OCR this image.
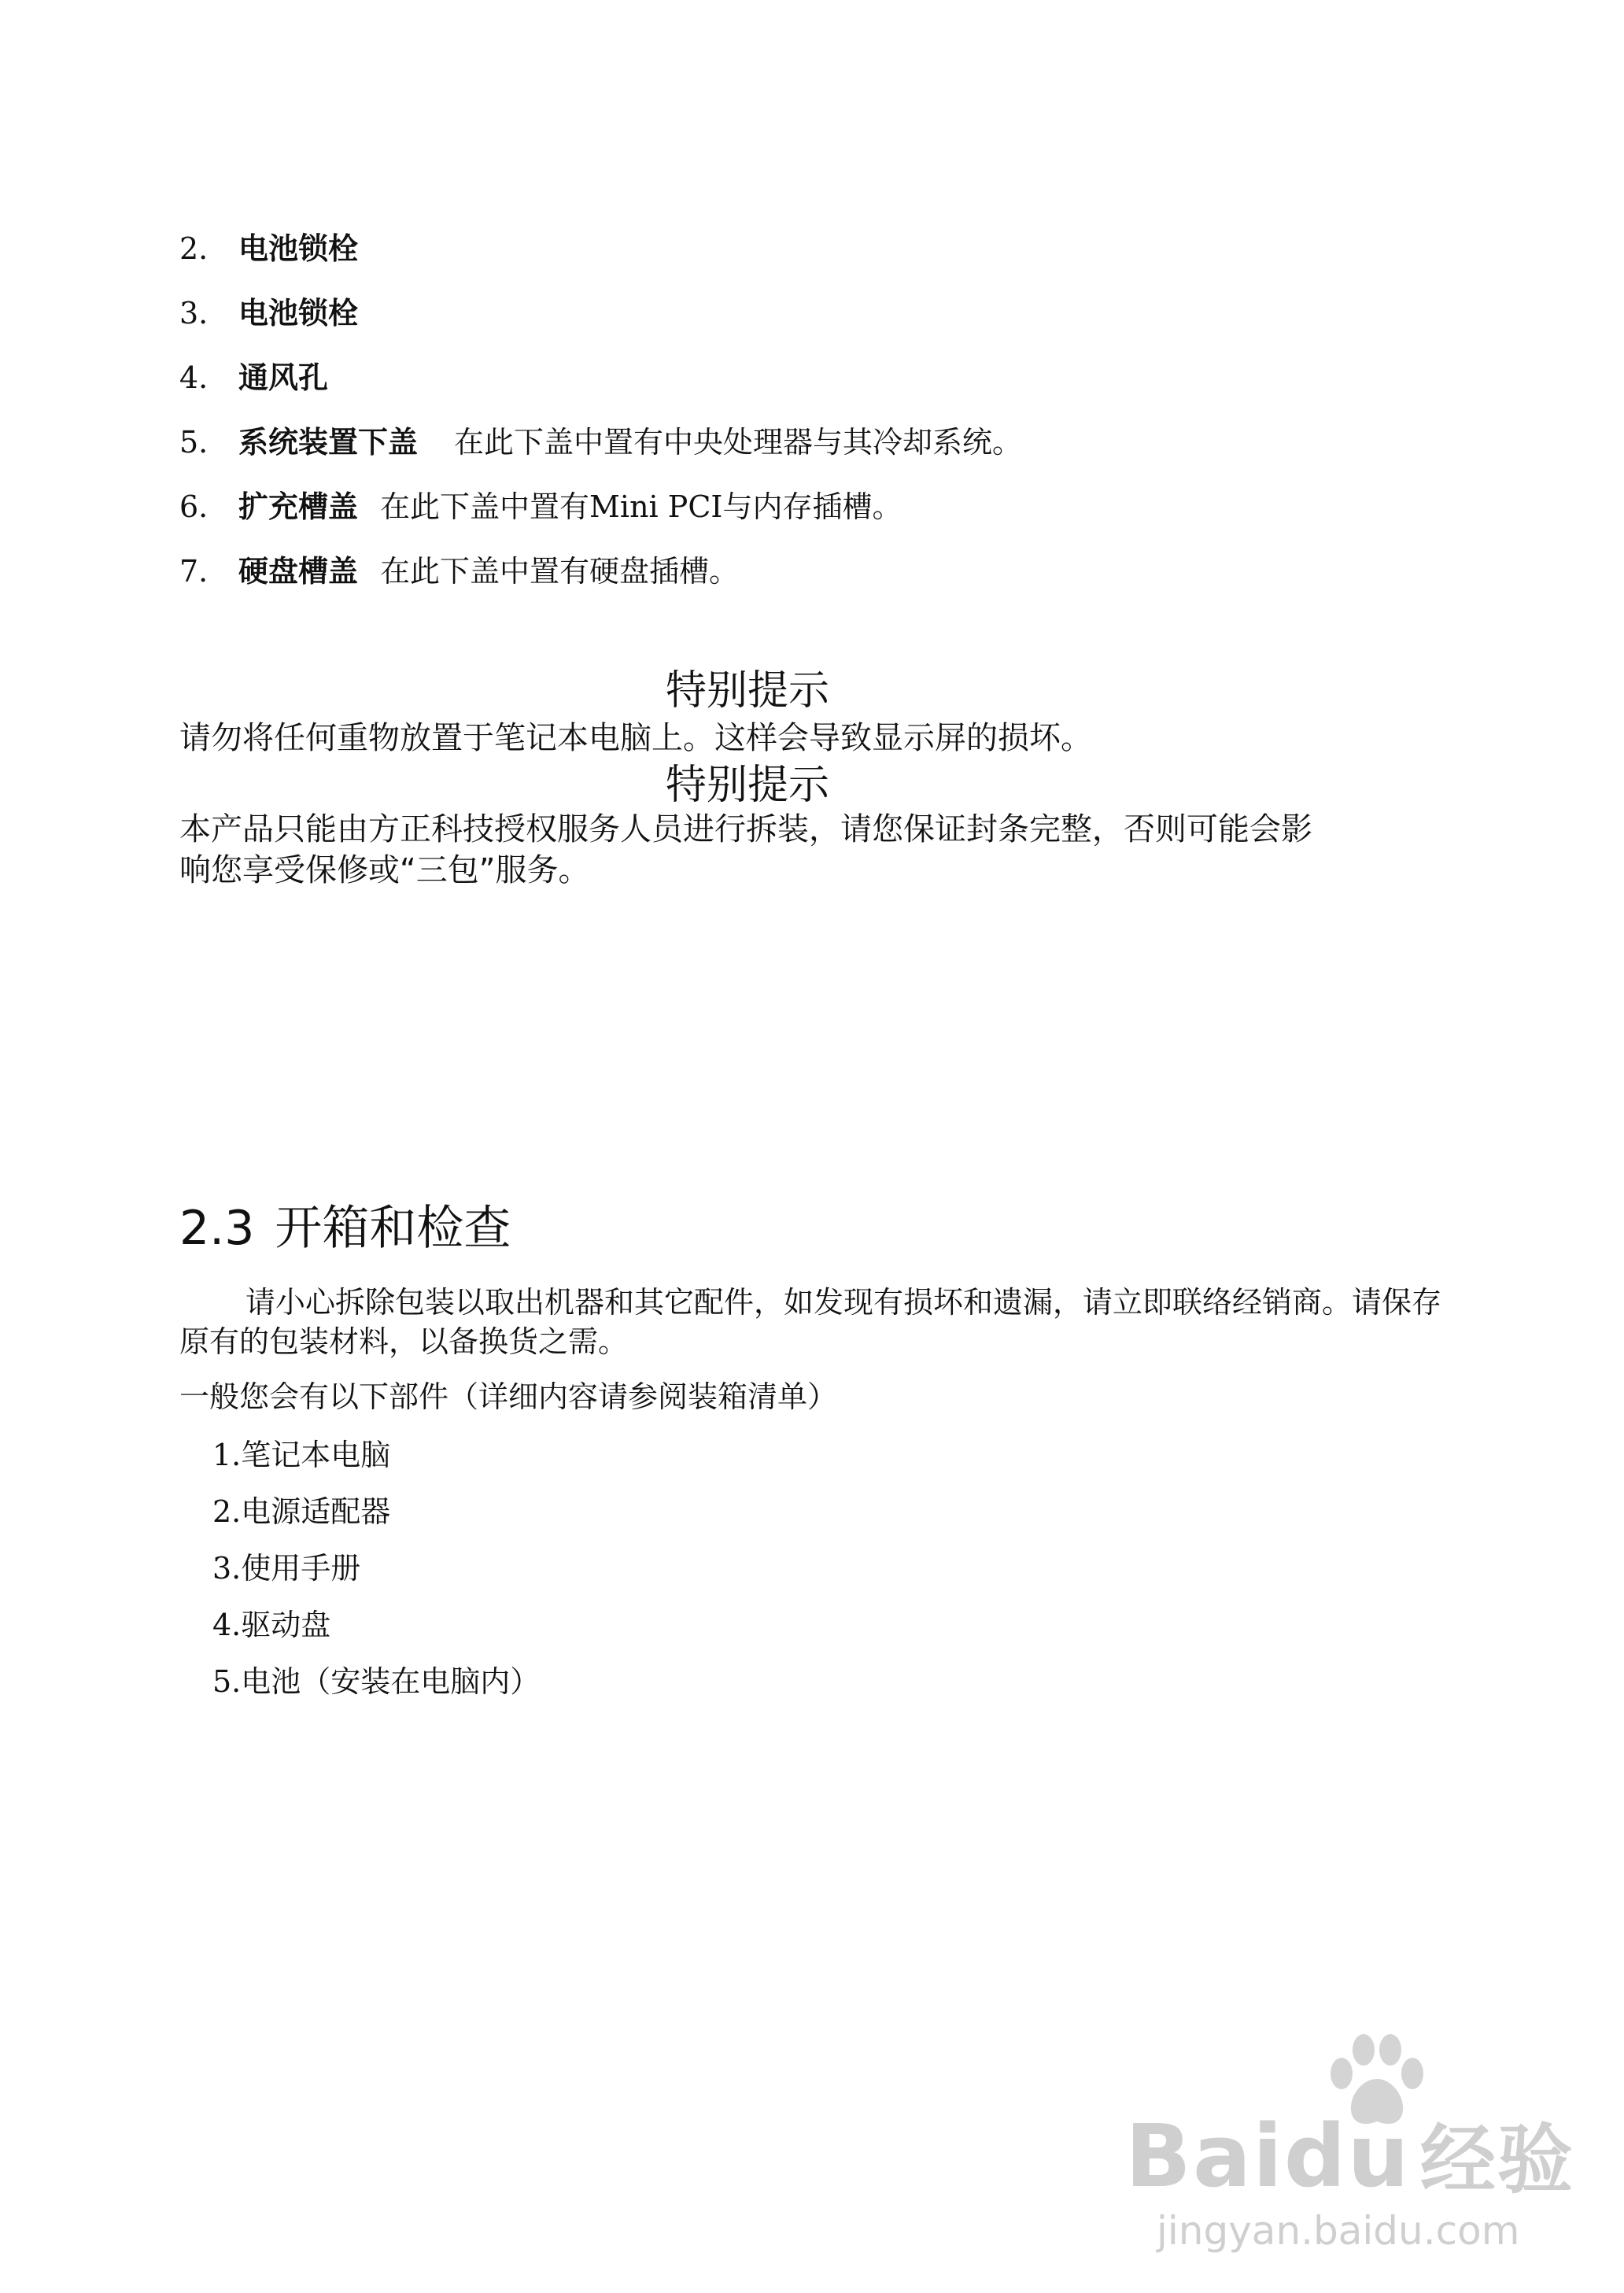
2. 电池锁栓
3. 电池锁栓
4. 通风孔
5. 系统装置下盖 在此下盖中置有中央处理器与其冷却系统。
6. 扩充槽盖 在此下盖中置有Mini PCI与内存插槽。
7. 硬盘槽盖 在此下盖中置有硬盘插槽。
特别提示
请勿将任何重物放置于笔记本电脑上。这样会导致显示屏的损坏。
特别提示
本产品只能由方正科技授权服务人员进行拆装，请您保证封条完整，否则可能会影响您享受保修或“三包”服务。
2.3 开箱和检查
请小心拆除包装以取出机器和其它配件，如发现有损坏和遗漏，请立即联络经销商。请保存原有的包装材料，以备换货之需。
一般您会有以下部件（详细内容请参阅装箱清单）
1.笔记本电脑
2.电源适配器
3.使用手册
4.驱动盘
5.电池（安装在电脑内）
Baidu 经验
jingyan.baidu.com
